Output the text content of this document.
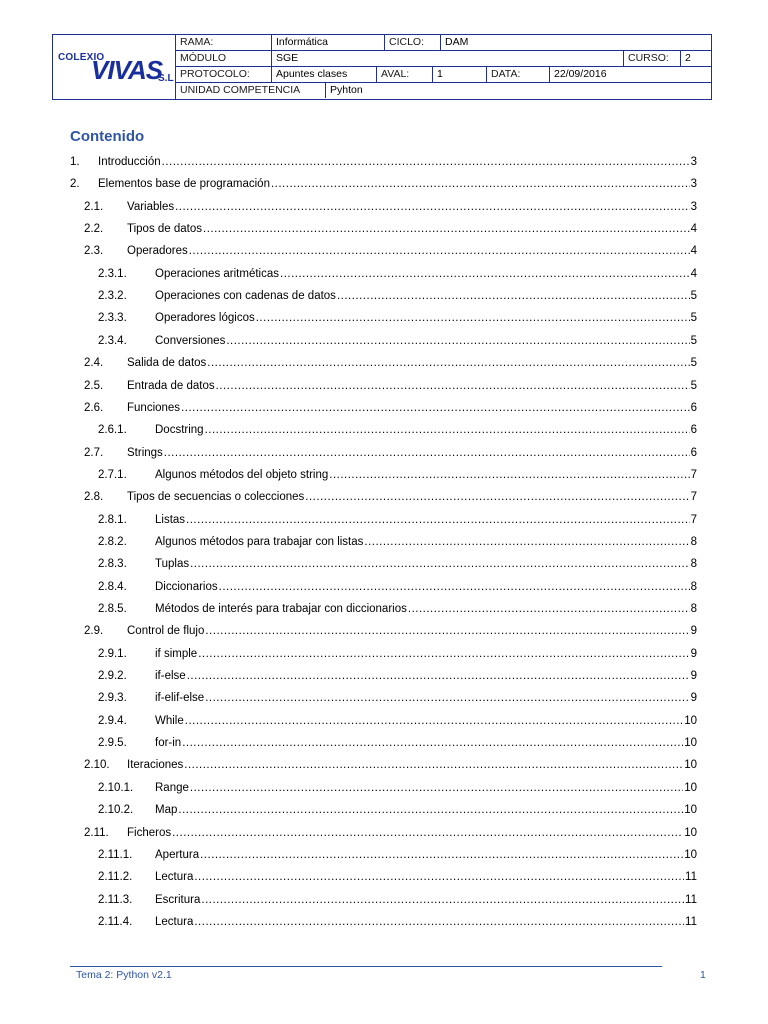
COLEXIO
VIVAS
S.L
RAMA:	Informática	CICLO:	DAM
MÓDULO	SGE	CURSO:	2
PROTOCOLO:	Apuntes clases	AVAL:	1	DATA:	22/09/2016
UNIDAD COMPETENCIA	Pyhton
Contenido
1.	Introducción .....	3
2.	Elementos base de programación .....	3
2.1.	Variables .....	3
2.2.	Tipos de datos .....	4
2.3.	Operadores .....	4
2.3.1.	Operaciones aritméticas .....	4
2.3.2.	Operaciones con cadenas de datos .....	5
2.3.3.	Operadores lógicos .....	5
2.3.4.	Conversiones .....	5
2.4.	Salida de datos .....	5
2.5.	Entrada de datos .....	5
2.6.	Funciones .....	6
2.6.1.	Docstring .....	6
2.7.	Strings .....	6
2.7.1.	Algunos métodos del objeto string .....	7
2.8.	Tipos de secuencias o colecciones .....	7
2.8.1.	Listas .....	7
2.8.2.	Algunos métodos para trabajar con listas .....	8
2.8.3.	Tuplas .....	8
2.8.4.	Diccionarios .....	8
2.8.5.	Métodos de interés para trabajar con diccionarios .....	8
2.9.	Control de flujo .....	9
2.9.1.	if simple .....	9
2.9.2.	if-else .....	9
2.9.3.	if-elif-else .....	9
2.9.4.	While .....	10
2.9.5.	for-in .....	10
2.10.	Iteraciones .....	10
2.10.1.	Range .....	10
2.10.2.	Map .....	10
2.11.	Ficheros .....	10
2.11.1.	Apertura .....	10
2.11.2.	Lectura .....	11
2.11.3.	Escritura .....	11
2.11.4.	Lectura .....	11
Tema 2: Python v2.1	1
